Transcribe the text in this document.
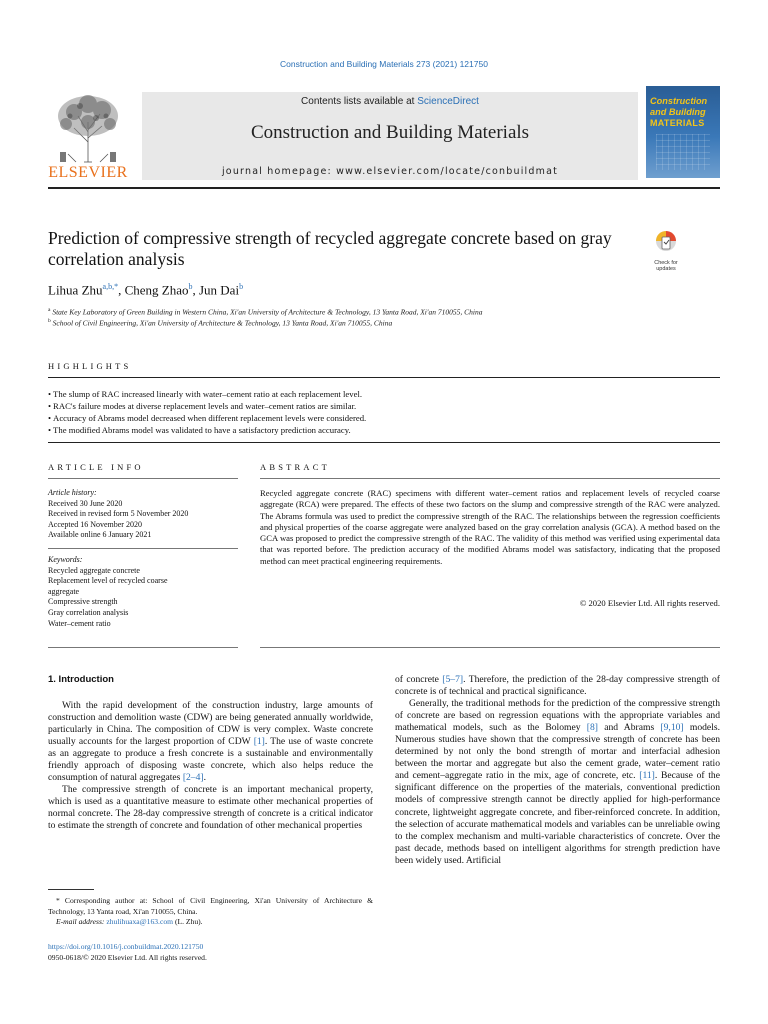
Construction and Building Materials 273 (2021) 121750
ELSEVIER
Contents lists available at ScienceDirect
Construction and Building Materials
journal homepage: www.elsevier.com/locate/conbuildmat
Construction
and Building
MATERIALS
Prediction of compressive strength of recycled aggregate concrete based on gray correlation analysis	Check for
updates
Lihua Zhu$^{a,b,*}$, Cheng Zhao$^b$, Jun Dai$^b$
$^a$ State Key Laboratory of Green Building in Western China, Xi'an University of Architecture & Technology, 13 Yanta Road, Xi'an 710055, China
$^b$ School of Civil Engineering, Xi'an University of Architecture & Technology, 13 Yanta Road, Xi'an 710055, China
HIGHLIGHTS
• The slump of RAC increased linearly with water–cement ratio at each replacement level.
• RAC's failure modes at diverse replacement levels and water–cement ratios are similar.
• Accuracy of Abrams model decreased when different replacement levels were considered.
• The modified Abrams model was validated to have a satisfactory prediction accuracy.
ARTICLE INFO
Article history:
Received 30 June 2020
Received in revised form 5 November 2020
Accepted 16 November 2020
Available online 6 January 2021
Keywords:
Recycled aggregate concrete
Replacement level of recycled coarse aggregate
Compressive strength
Gray correlation analysis
Water–cement ratio
ABSTRACT
Recycled aggregate concrete (RAC) specimens with different water–cement ratios and replacement levels of recycled coarse aggregate (RCA) were prepared. The effects of these two factors on the slump and compressive strength of the RAC were analyzed. The Abrams formula was used to predict the compressive strength of the RAC. The relationships between the regression coefficients and physical properties of the coarse aggregate were analyzed based on the gray correlation analysis (GCA). A method based on the GCA was proposed to predict the compressive strength of the RAC. The validity of this method was verified using experimental data that was reported before. The prediction accuracy of the modified Abrams model was satisfactory, indicating that the proposed method can meet practical engineering requirements.
© 2020 Elsevier Ltd. All rights reserved.
1. Introduction

With the rapid development of the construction industry, large amounts of construction and demolition waste (CDW) are being generated annually worldwide, particularly in China. The composition of CDW is very complex. Waste concrete usually accounts for the largest proportion of CDW [1]. The use of waste concrete as an aggregate to produce a fresh concrete is a sustainable and environmentally friendly approach of disposing waste concrete, which also helps reduce the consumption of natural aggregates [2–4].

The compressive strength of concrete is an important mechanical property, which is used as a quantitative measure to estimate other mechanical properties of normal concrete. The 28-day compressive strength of concrete is a critical indicator to estimate the strength of concrete and foundation of other mechanical properties

of concrete [5–7]. Therefore, the prediction of the 28-day compressive strength of concrete is of technical and practical significance.

Generally, the traditional methods for the prediction of the compressive strength of concrete are based on regression equations with the appropriate variables and mathematical models, such as the Bolomey [8] and Abrams [9,10] models. Numerous studies have shown that the compressive strength of concrete has been determined by not only the bond strength of mortar and interfacial adhesion between the mortar and aggregate but also the cement grade, water–cement ratio and cement–aggregate ratio in the mix, age of concrete, etc. [11]. Because of the significant difference on the properties of the materials, conventional prediction models of compressive strength cannot be directly applied for high-performance concrete, lightweight aggregate concrete, and fiber-reinforced concrete. In addition, the selection of accurate mathematical models and variables can be unreliable owing to the complex mechanism and multi-variable characteristics of concrete. Over the past decade, methods based on intelligent algorithms for strength prediction have been widely used. Artificial

* Corresponding author at: School of Civil Engineering, Xi'an University of Architecture & Technology, 13 Yanta road, Xi'an 710055, China.
E-mail address: zhulihuaxa@163.com (L. Zhu).
https://doi.org/10.1016/j.conbuildmat.2020.121750
0950-0618/© 2020 Elsevier Ltd. All rights reserved.
